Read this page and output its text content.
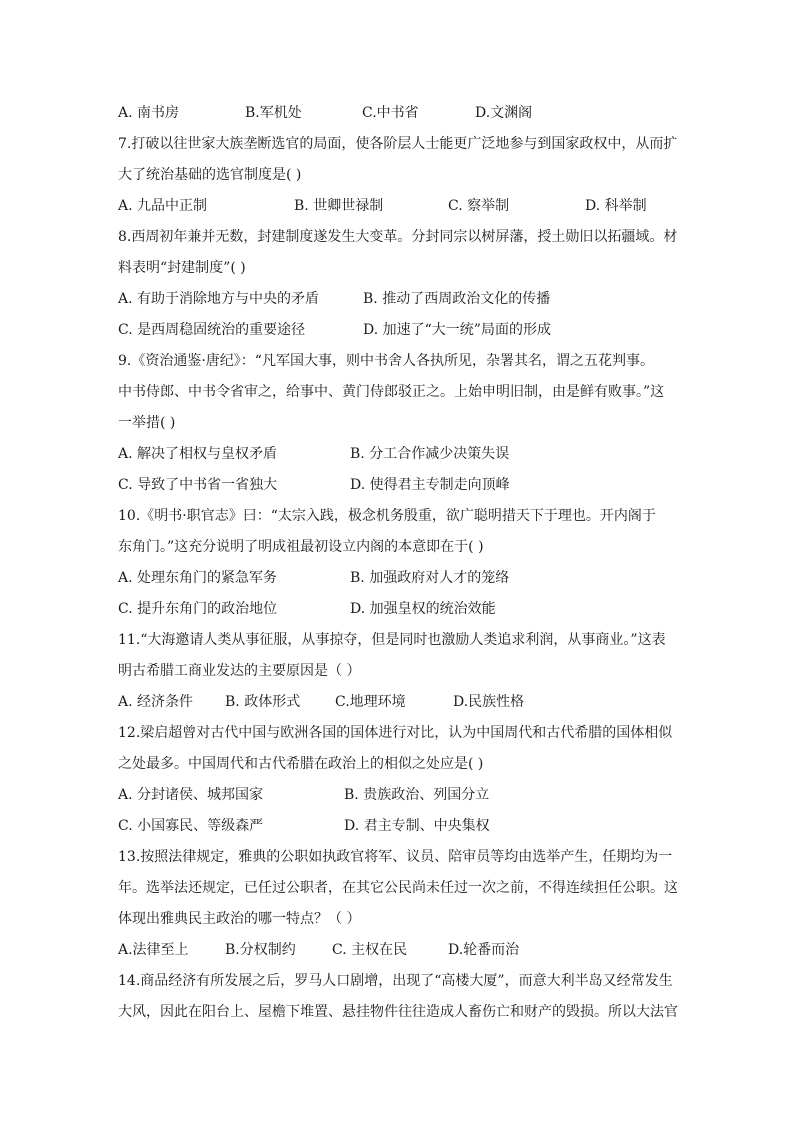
A. 南书房	B.军机处	C.中书省	D.文渊阁
7.打破以往世家大族垄断选官的局面，使各阶层人士能更广泛地参与到国家政权中，从而扩
大了统治基础的选官制度是( )
A. 九品中正制	B. 世卿世禄制	C. 察举制	D. 科举制
8.西周初年兼并无数，封建制度遂发生大变革。分封同宗以树屏藩，授土勋旧以拓疆域。材
料表明“封建制度”( )
A. 有助于消除地方与中央的矛盾	B. 推动了西周政治文化的传播
C. 是西周稳固统治的重要途径	D. 加速了“大一统”局面的形成
9.《资治通鉴·唐纪》：“凡军国大事，则中书舍人各执所见，杂署其名，谓之五花判事。
中书侍郎、中书令省审之，给事中、黄门侍郎驳正之。上始申明旧制，由是鲜有败事。”这
一举措( )
A. 解决了相权与皇权矛盾	B. 分工合作减少决策失误
C. 导致了中书省一省独大	D. 使得君主专制走向顶峰
10.《明书·职官志》曰：“太宗入践，极念机务殷重，欲广聪明措天下于理也。开内阁于
东角门。”这充分说明了明成祖最初设立内阁的本意即在于( )
A. 处理东角门的紧急军务	B. 加强政府对人才的笼络
C. 提升东角门的政治地位	D. 加强皇权的统治效能
11.“大海邀请人类从事征服，从事掠夺，但是同时也激励人类追求利润，从事商业。”这表
明古希腊工商业发达的主要原因是（ ）
A. 经济条件	B. 政体形式	C.地理环境	D.民族性格
12.梁启超曾对古代中国与欧洲各国的国体进行对比，认为中国周代和古代希腊的国体相似
之处最多。中国周代和古代希腊在政治上的相似之处应是( )
A. 分封诸侯、城邦国家	B. 贵族政治、列国分立
C. 小国寡民、等级森严	D. 君主专制、中央集权
13.按照法律规定，雅典的公职如执政官将军、议员、陪审员等均由选举产生，任期均为一
年。选举法还规定，已任过公职者，在其它公民尚未任过一次之前，不得连续担任公职。这
体现出雅典民主政治的哪一特点？（ ）
A.法律至上	B.分权制约	C. 主权在民	D.轮番而治
14.商品经济有所发展之后，罗马人口剧增，出现了“高楼大厦”，而意大利半岛又经常发生
大风，因此在阳台上、屋檐下堆置、悬挂物件往往造成人畜伤亡和财产的毁损。所以大法官
